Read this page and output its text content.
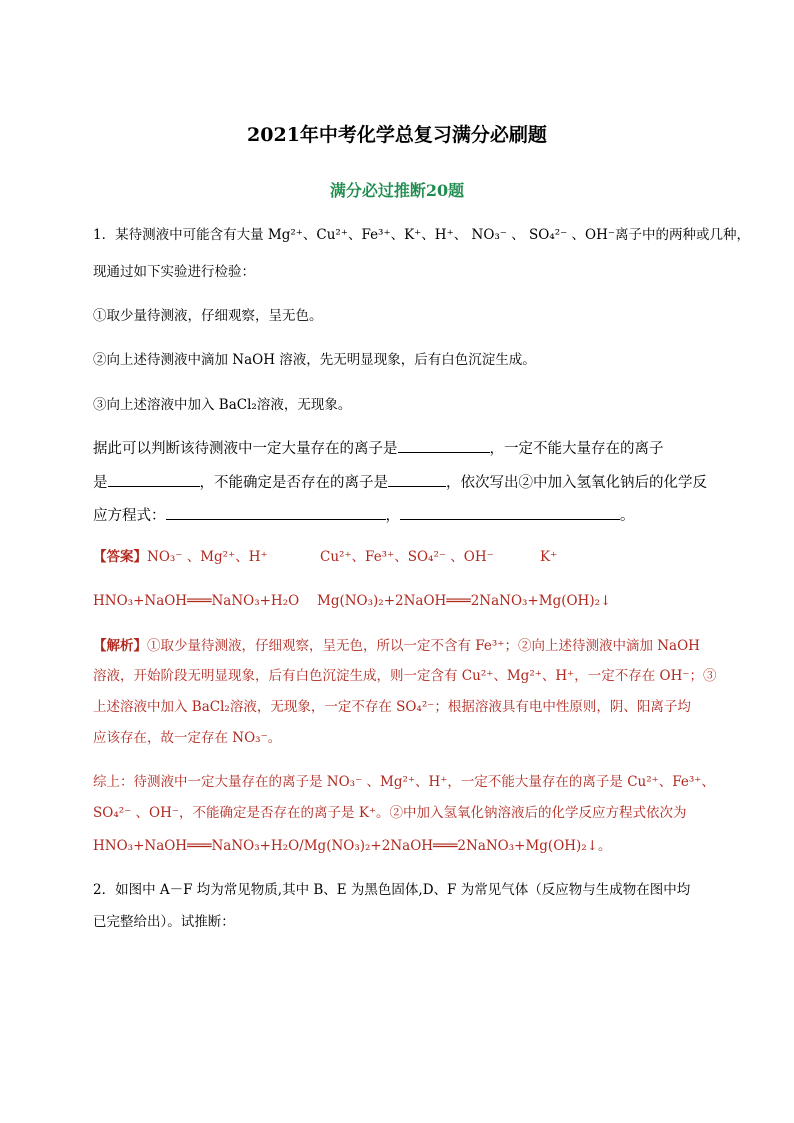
2021年中考化学总复习满分必刷题
满分必过推断20题
1．某待测液中可能含有大量 Mg²⁺、Cu²⁺、Fe³⁺、K⁺、H⁺、 NO₃⁻ 、 SO₄²⁻ 、OH⁻离子中的两种或几种，
现通过如下实验进行检验：
①取少量待测液，仔细观察，呈无色。
②向上述待测液中滴加 NaOH 溶液，先无明显现象，后有白色沉淀生成。
③向上述溶液中加入 BaCl₂溶液，无现象。
据此可以判断该待测液中一定大量存在的离子是	，一定不能大量存在的离子
是	，不能确定是否存在的离子是	，依次写出②中加入氢氧化钠后的化学反
应方程式：	，	。
【答案】NO₃⁻ 、Mg²⁺、H⁺	Cu²⁺、Fe³⁺、SO₄²⁻ 、OH⁻	K⁺
HNO₃+NaOH═══NaNO₃+H₂O Mg(NO₃)₂+2NaOH═══2NaNO₃+Mg(OH)₂↓
【解析】①取少量待测液，仔细观察，呈无色，所以一定不含有 Fe³⁺；②向上述待测液中滴加 NaOH
溶液，开始阶段无明显现象，后有白色沉淀生成，则一定含有 Cu²⁺、Mg²⁺、H⁺，一定不存在 OH⁻；③
上述溶液中加入 BaCl₂溶液，无现象，一定不存在 SO₄²⁻；根据溶液具有电中性原则，阴、阳离子均
应该存在，故一定存在 NO₃⁻。
综上：待测液中一定大量存在的离子是 NO₃⁻ 、Mg²⁺、H⁺，一定不能大量存在的离子是 Cu²⁺、Fe³⁺、
SO₄²⁻ 、OH⁻，不能确定是否存在的离子是 K⁺。②中加入氢氧化钠溶液后的化学反应方程式依次为
HNO₃+NaOH═══NaNO₃+H₂O/Mg(NO₃)₂+2NaOH═══2NaNO₃+Mg(OH)₂↓。
2．如图中 A－F 均为常见物质,其中 B、E 为黑色固体,D、F 为常见气体（反应物与生成物在图中均
已完整给出）。试推断：
